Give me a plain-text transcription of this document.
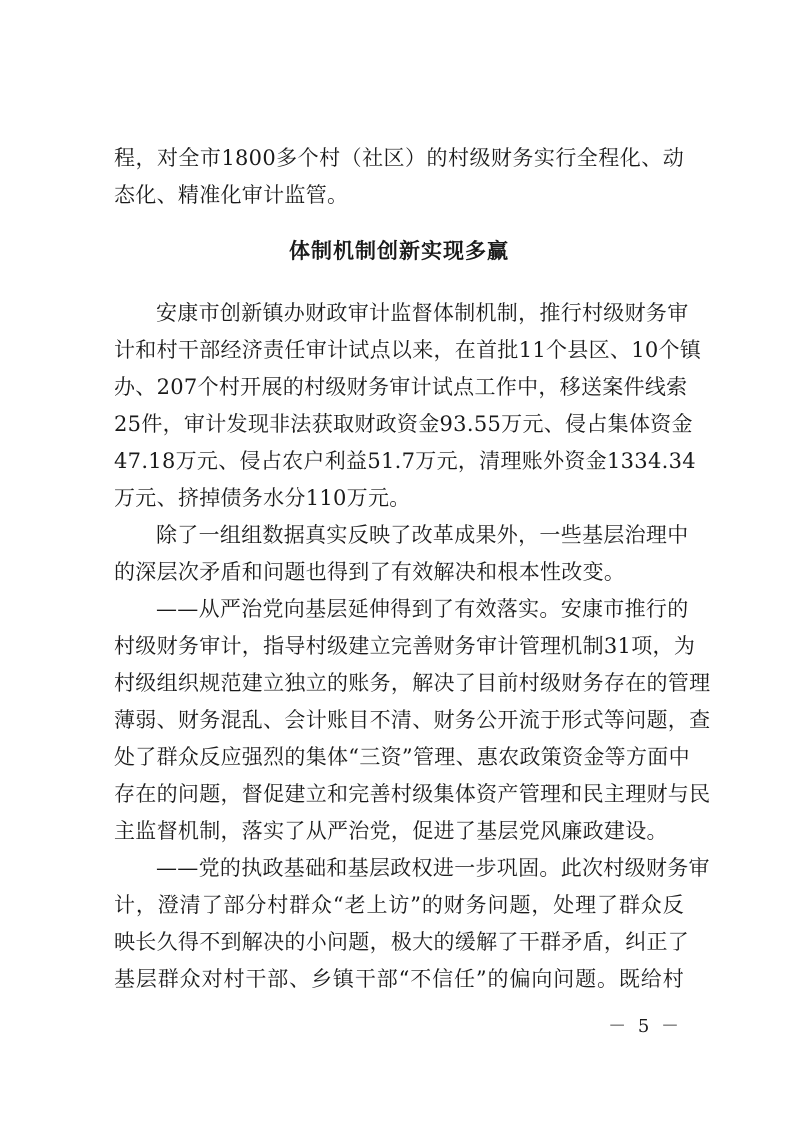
程，对全市1800多个村（社区）的村级财务实行全程化、动
态化、精准化审计监管。
体制机制创新实现多赢
安康市创新镇办财政审计监督体制机制，推行村级财务审
计和村干部经济责任审计试点以来，在首批11个县区、10个镇
办、207个村开展的村级财务审计试点工作中，移送案件线索
25件，审计发现非法获取财政资金93.55万元、侵占集体资金
47.18万元、侵占农户利益51.7万元，清理账外资金1334.34
万元、挤掉债务水分110万元。
除了一组组数据真实反映了改革成果外，一些基层治理中
的深层次矛盾和问题也得到了有效解决和根本性改变。
——从严治党向基层延伸得到了有效落实。安康市推行的
村级财务审计，指导村级建立完善财务审计管理机制31项，为
村级组织规范建立独立的账务，解决了目前村级财务存在的管理
薄弱、财务混乱、会计账目不清、财务公开流于形式等问题，查
处了群众反应强烈的集体“三资”管理、惠农政策资金等方面中
存在的问题，督促建立和完善村级集体资产管理和民主理财与民
主监督机制，落实了从严治党，促进了基层党风廉政建设。
——党的执政基础和基层政权进一步巩固。此次村级财务审
计，澄清了部分村群众“老上访”的财务问题，处理了群众反
映长久得不到解决的小问题，极大的缓解了干群矛盾，纠正了
基层群众对村干部、乡镇干部“不信任”的偏向问题。既给村
－ 5 －
